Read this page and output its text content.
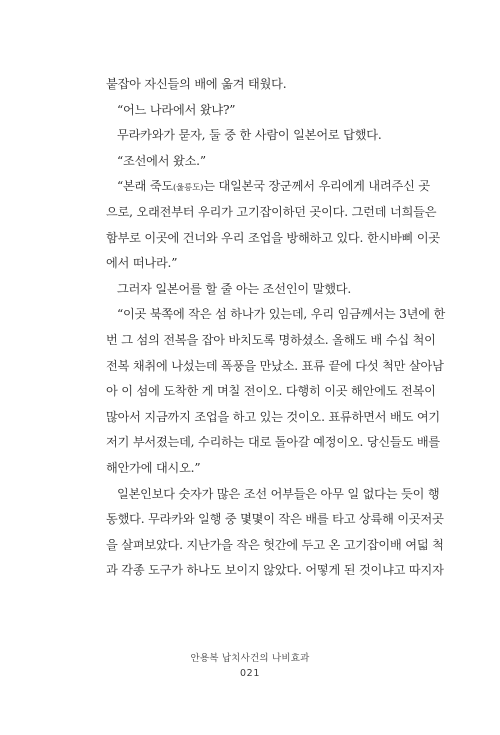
붙잡아 자신들의 배에 옮겨 태웠다.
“어느 나라에서 왔냐?”
무라카와가 묻자, 둘 중 한 사람이 일본어로 답했다.
“조선에서 왔소.”
“본래 죽도(울릉도)는 대일본국 장군께서 우리에게 내려주신 곳
으로, 오래전부터 우리가 고기잡이하던 곳이다. 그런데 너희들은
함부로 이곳에 건너와 우리 조업을 방해하고 있다. 한시바삐 이곳
에서 떠나라.”
그러자 일본어를 할 줄 아는 조선인이 말했다.
“이곳 북쪽에 작은 섬 하나가 있는데, 우리 임금께서는 3년에 한
번 그 섬의 전복을 잡아 바치도록 명하셨소. 올해도 배 수십 척이
전복 채취에 나섰는데 폭풍을 만났소. 표류 끝에 다섯 척만 살아남
아 이 섬에 도착한 게 며칠 전이오. 다행히 이곳 해안에도 전복이
많아서 지금까지 조업을 하고 있는 것이오. 표류하면서 배도 여기
저기 부서졌는데, 수리하는 대로 돌아갈 예정이오. 당신들도 배를
해안가에 대시오.”
일본인보다 숫자가 많은 조선 어부들은 아무 일 없다는 듯이 행
동했다. 무라카와 일행 중 몇몇이 작은 배를 타고 상륙해 이곳저곳
을 살펴보았다. 지난가을 작은 헛간에 두고 온 고기잡이배 여덟 척
과 각종 도구가 하나도 보이지 않았다. 어떻게 된 것이냐고 따지자
안용복 납치사건의 나비효과
021
